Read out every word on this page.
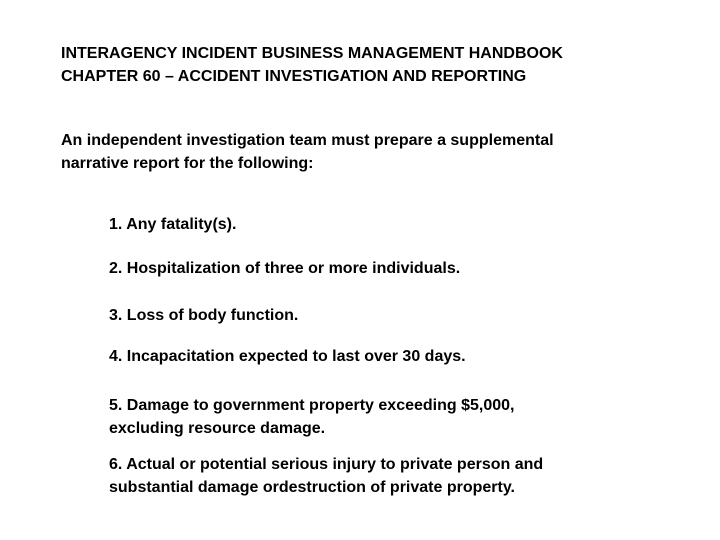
INTERAGENCY INCIDENT BUSINESS MANAGEMENT HANDBOOK
CHAPTER 60 – ACCIDENT INVESTIGATION AND REPORTING
An independent investigation team must prepare a supplemental
narrative report for the following:
1. Any fatality(s).
2. Hospitalization of three or more individuals.
3. Loss of body function.
4. Incapacitation expected to last over 30 days.
5. Damage to government property exceeding $5,000,
excluding resource damage.
6. Actual or potential serious injury to private person and
substantial damage ordestruction of private property.
